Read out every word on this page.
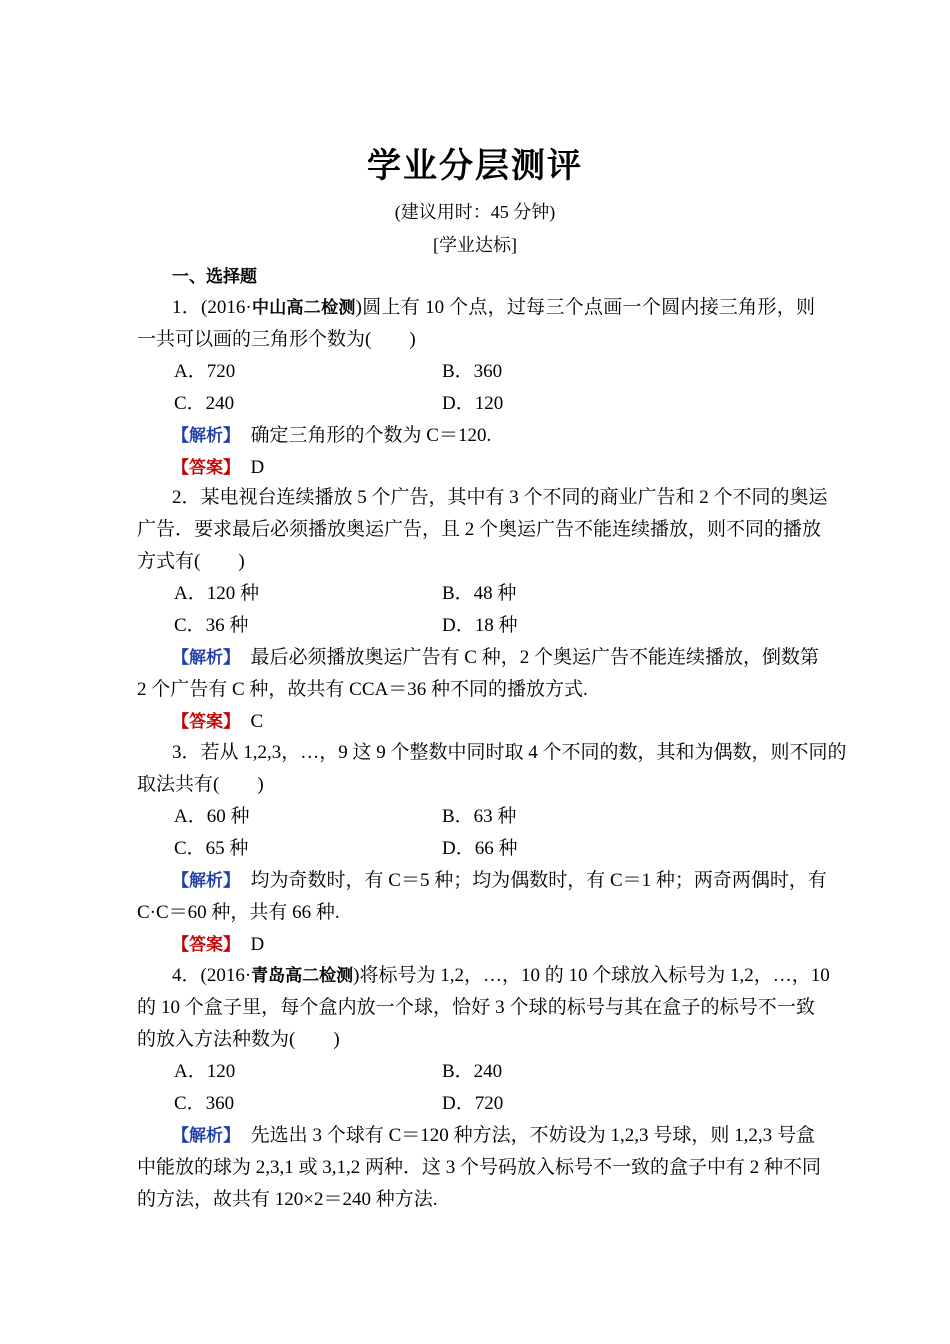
学业分层测评
(建议用时：45 分钟)
[学业达标]
一、选择题
1．(2016·中山高二检测)圆上有 10 个点，过每三个点画一个圆内接三角形，则
一共可以画的三角形个数为(　　)
A．720	B．360
C．240	D．120
【解析】　 确定三角形的个数为 C＝120.
【答案】　 D
2．某电视台连续播放 5 个广告，其中有 3 个不同的商业广告和 2 个不同的奥运
广告．要求最后必须播放奥运广告，且 2 个奥运广告不能连续播放，则不同的播放
方式有(　　)
A．120 种	B．48 种
C．36 种	D．18 种
【解析】　 最后必须播放奥运广告有 C 种，2 个奥运广告不能连续播放，倒数第
2 个广告有 C 种，故共有 CCA＝36 种不同的播放方式.
【答案】　 C
3．若从 1,2,3，…，9 这 9 个整数中同时取 4 个不同的数，其和为偶数，则不同的
取法共有(　　)
A．60 种	B．63 种
C．65 种	D．66 种
【解析】　 均为奇数时，有 C＝5 种；均为偶数时，有 C＝1 种；两奇两偶时，有
C·C＝60 种，共有 66 种.
【答案】　 D
4．(2016·青岛高二检测)将标号为 1,2，…，10 的 10 个球放入标号为 1,2，…，10
的 10 个盒子里，每个盒内放一个球，恰好 3 个球的标号与其在盒子的标号不一致
的放入方法种数为(　　)
A．120	B．240
C．360	D．720
【解析】　 先选出 3 个球有 C＝120 种方法，不妨设为 1,2,3 号球，则 1,2,3 号盒
中能放的球为 2,3,1 或 3,1,2 两种．这 3 个号码放入标号不一致的盒子中有 2 种不同
的方法，故共有 120×2＝240 种方法.
